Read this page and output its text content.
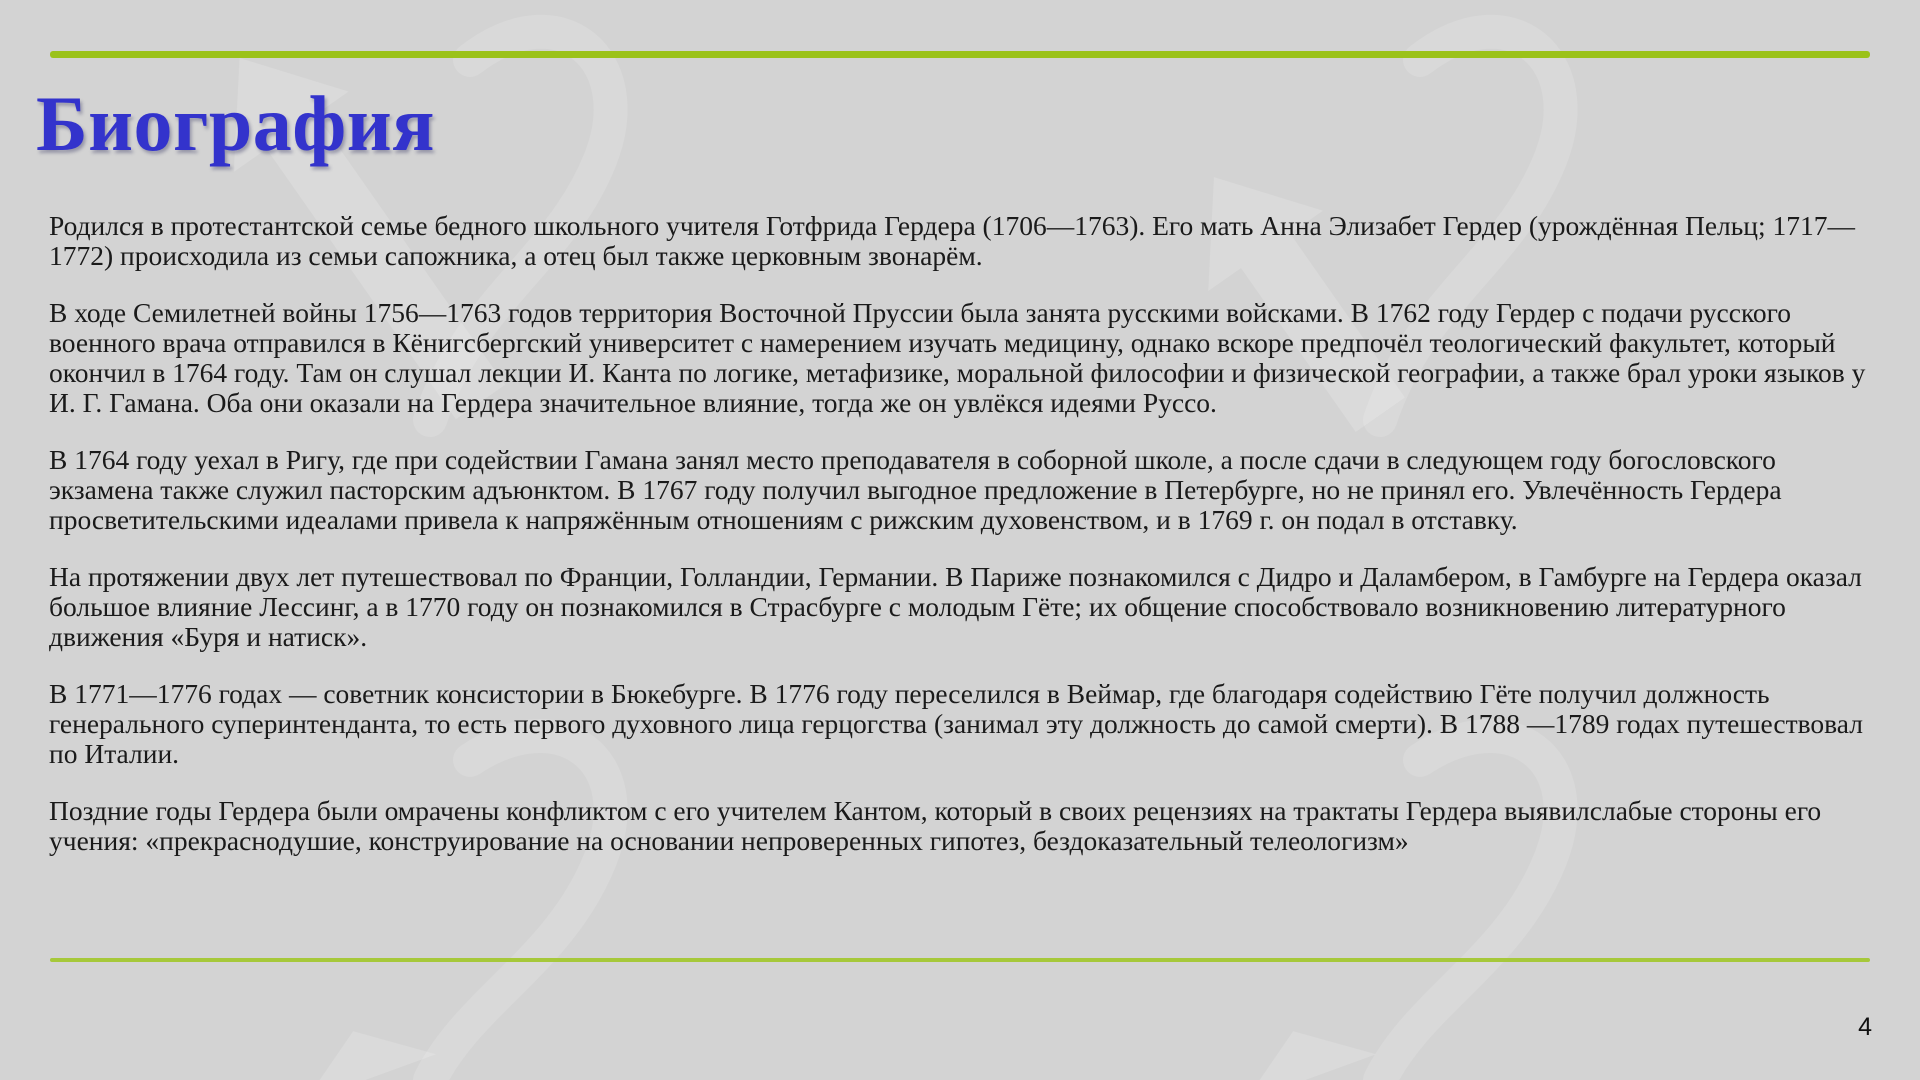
Биография

Родился в протестантской семье бедного школьного учителя Готфрида Гердера (1706—1763). Его мать Анна Элизабет Гердер (урождённая Пельц; 1717—1772) происходила из семьи сапожника, а отец был также церковным звонарём.

В ходе Семилетней войны 1756—1763 годов территория Восточной Пруссии была занята русскими войсками. В 1762 году Гердер с подачи русского военного врача отправился в Кёнигсбергский университет с намерением изучать медицину, однако вскоре предпочёл теологический факультет, который окончил в 1764 году. Там он слушал лекции И. Канта по логике, метафизике, моральной философии и физической географии, а также брал уроки языков у И. Г. Гамана. Оба они оказали на Гердера значительное влияние, тогда же он увлёкся идеями Руссо.

В 1764 году уехал в Ригу, где при содействии Гамана занял место преподавателя в соборной школе, а после сдачи в следующем году богословского экзамена также служил пасторским адъюнктом. В 1767 году получил выгодное предложение в Петербурге, но не принял его. Увлечённость Гердера просветительскими идеалами привела к напряжённым отношениям с рижским духовенством, и в 1769 г. он подал в отставку.

На протяжении двух лет путешествовал по Франции, Голландии, Германии. В Париже познакомился с Дидро и Даламбером, в Гамбурге на Гердера оказал большое влияние Лессинг, а в 1770 году он познакомился в Страсбурге с молодым Гёте; их общение способствовало возникновению литературного движения «Буря и натиск».

В 1771—1776 годах — советник консистории в Бюкебурге. В 1776 году переселился в Веймар, где благодаря содействию Гёте получил должность генерального суперинтенданта, то есть первого духовного лица герцогства (занимал эту должность до самой смерти). В 1788 —1789 годах путешествовал по Италии.

Поздние годы Гердера были омрачены конфликтом с его учителем Кантом, который в своих рецензиях на трактаты Гердера выявилслабые стороны его учения: «прекраснодушие, конструирование на основании непроверенных гипотез, бездоказательный телеологизм»

4
